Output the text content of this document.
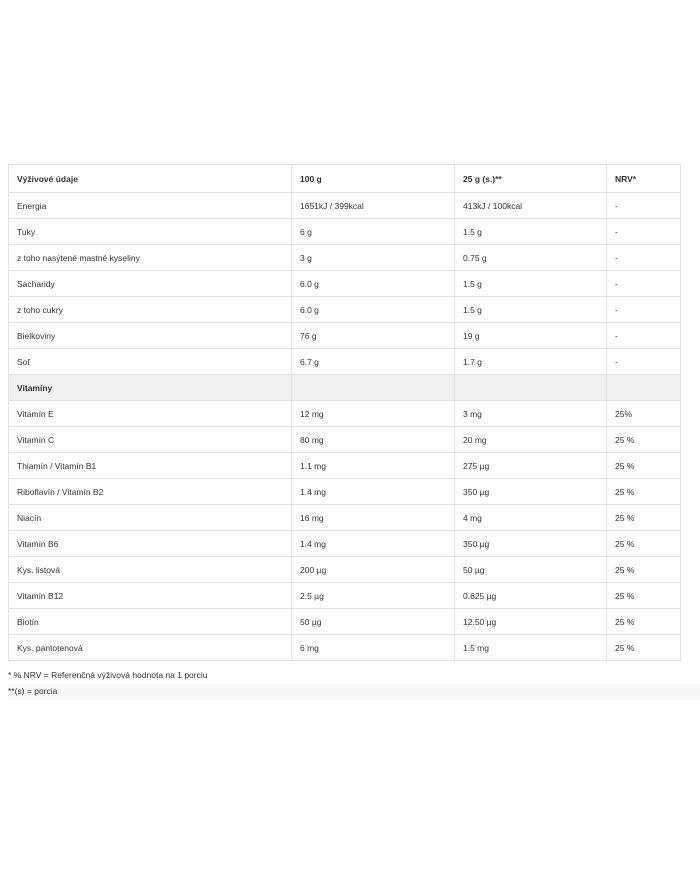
Výživové údaje	100 g	25 g (s.)**	NRV*
Energia	1651kJ / 399kcal	413kJ / 100kcal	-
Tuky	6 g	1.5 g	-
z toho nasýtené mastné kyseliny	3 g	0.75 g	-
Sacharidy	6.0 g	1.5 g	-
z toho cukry	6.0 g	1.5 g	-
Bielkoviny	76 g	19 g	-
Soľ	6.7 g	1.7 g	-
Vitamíny			
Vitamín E	12 mg	3 mg	25%
Vitamín C	80 mg	20 mg	25 %
Thiamín / Vitamín B1	1.1 mg	275 µg	25 %
Riboflavín / Vitamín B2	1.4 mg	350 µg	25 %
Niacín	16 mg	4 mg	25 %
Vitamín B6	1.4 mg	350 µg	25 %
Kys. listová	200 µg	50 µg	25 %
Vitamín B12	2.5 µg	0.625 µg	25 %
Biotín	50 µg	12.50 µg	25 %
Kys. pantotenová	6 mg	1.5 mg	25 %
* % NRV = Referenčná výživová hodnota na 1 porciu
**(s) = porcia
